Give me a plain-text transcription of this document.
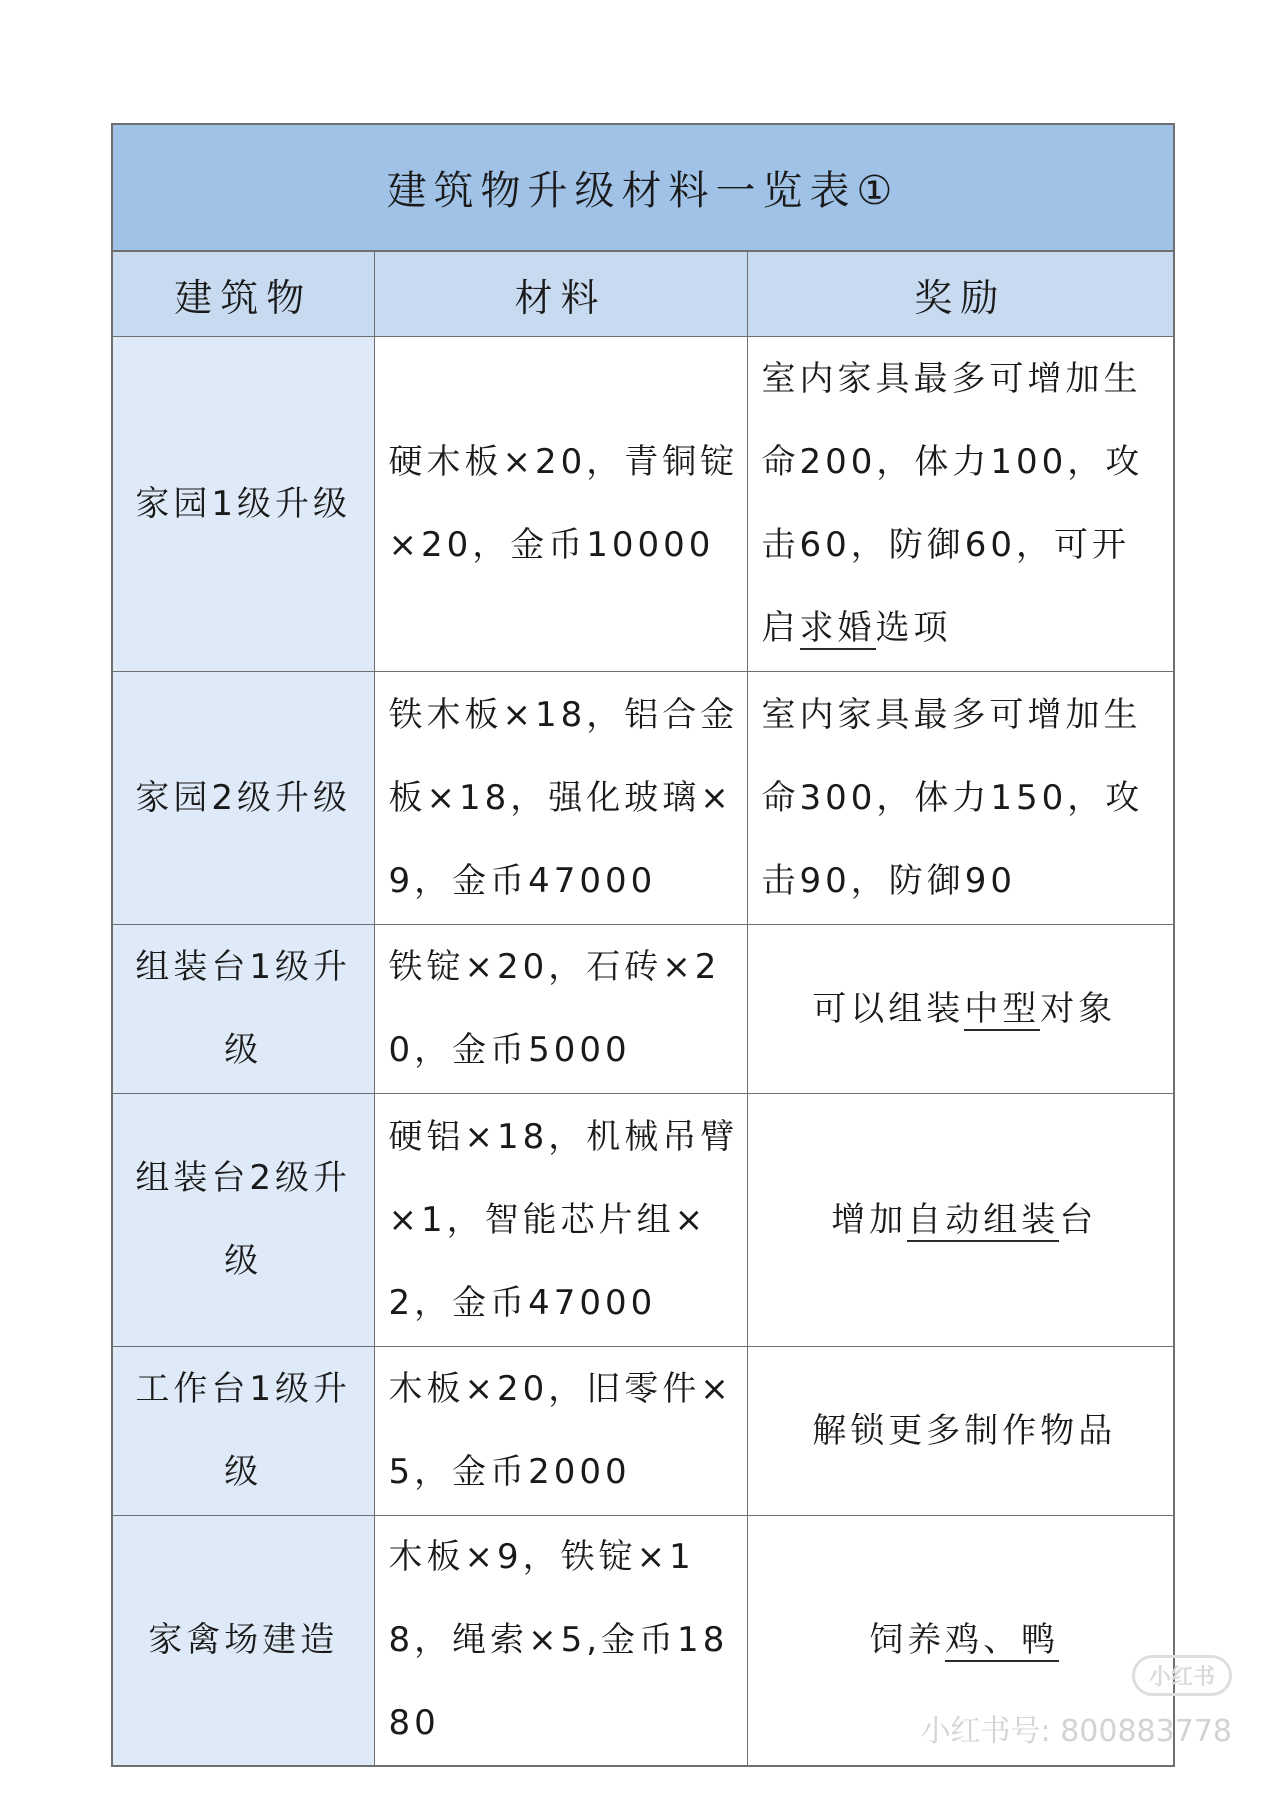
建筑物升级材料一览表①
建筑物	材料	奖励
家园1级升级	硬木板×20，青铜锭×20，金币10000	室内家具最多可增加生命200，体力100，攻击60，防御60，可开启求婚选项
家园2级升级	铁木板×18，铝合金板×18，强化玻璃×9，金币47000	室内家具最多可增加生命300，体力150，攻击90，防御90
组装台1级升级	铁锭×20，石砖×20，金币5000	可以组装中型对象
组装台2级升级	硬铝×18，机械吊臂×1，智能芯片组×2，金币47000	增加自动组装台
工作台1级升级	木板×20，旧零件×5，金币2000	解锁更多制作物品
家禽场建造	木板×9，铁锭×18，绳索×5,金币1880	饲养鸡、鸭
小红书
小红书号: 800883778
